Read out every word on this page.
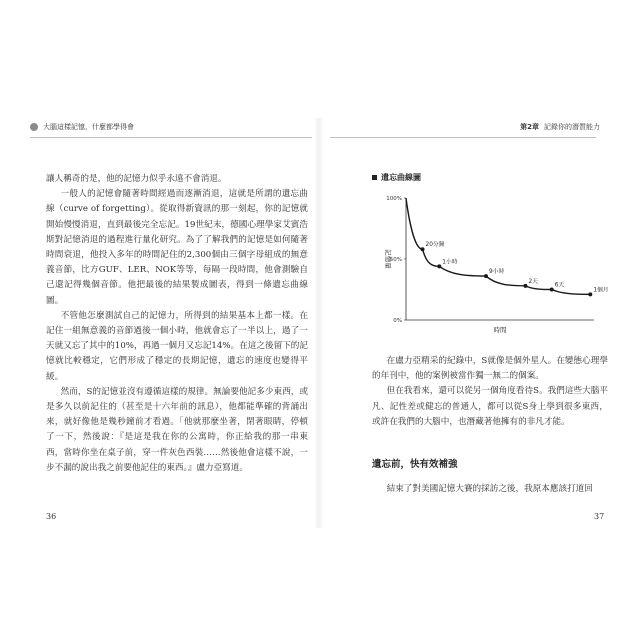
大腦這樣記憶，什麼都學得會	第2章 記錄你的潛質能力

讓人稱奇的是，他的記憶力似乎永遠不會消退。

一般人的記憶會隨著時間經過而逐漸消退，這就是所謂的遺忘曲線（curve of forgetting）。從取得新資訊的那一刻起，你的記憶就開始慢慢消退，直到最後完全忘記。19世紀末，德國心理學家艾賓浩斯對記憶消退的過程進行量化研究。為了了解我們的記憶是如何隨著時間衰退，他投入多年的時間記住的2,300個由三個字母組成的無意義音節，比方GUF、LER、NOK等等，每隔一段時間，他會測驗自己還記得幾個音節。他把最後的結果製成圖表，得到一條遺忘曲線圖。

不管他怎麼測試自己的記憶力，所得到的結果基本上都一樣。在記住一組無意義的音節過後一個小時，他就會忘了一半以上，過了一天就又忘了其中的10%，再過一個月又忘記14%。在這之後留下的記憶就比較穩定，它們形成了穩定的長期記憶，遺忘的速度也變得平緩。

然而，S的記憶並沒有遵循這樣的規律。無論要他記多少東西，或是多久以前記住的（甚至是十六年前的訊息），他都能準確的背誦出來，就好像他是幾秒鐘前才看過。「他就那麼坐著，閉著眼睛，停頓了一下，然後說：『是這是我在你的公寓時，你正給我的那一串東西，當時你坐在桌子前，穿一件灰色西裝……然後他會這樣不說，一步不漏的說出我之前要他記住的東西。』盧力亞寫道。

36
遺忘曲線圖
100%
50%
0%
20分鐘
1小時
9小時
2天
6天
1個月
記憶量
時間

在盧力亞精采的紀錄中，S就像是個外星人。在變態心理學的年刊中，他的案例被當作獨一無二的個案。

但在我看來，還可以從另一個角度看待S。我們這些大腦平凡、記性差或健忘的普通人，都可以從S身上學到很多東西，或許在我們的大腦中，也潛藏著他擁有的非凡才能。

遺忘前，快有效補強

結束了對美國記憶大賽的採訪之後，我原本應該打道回

37
